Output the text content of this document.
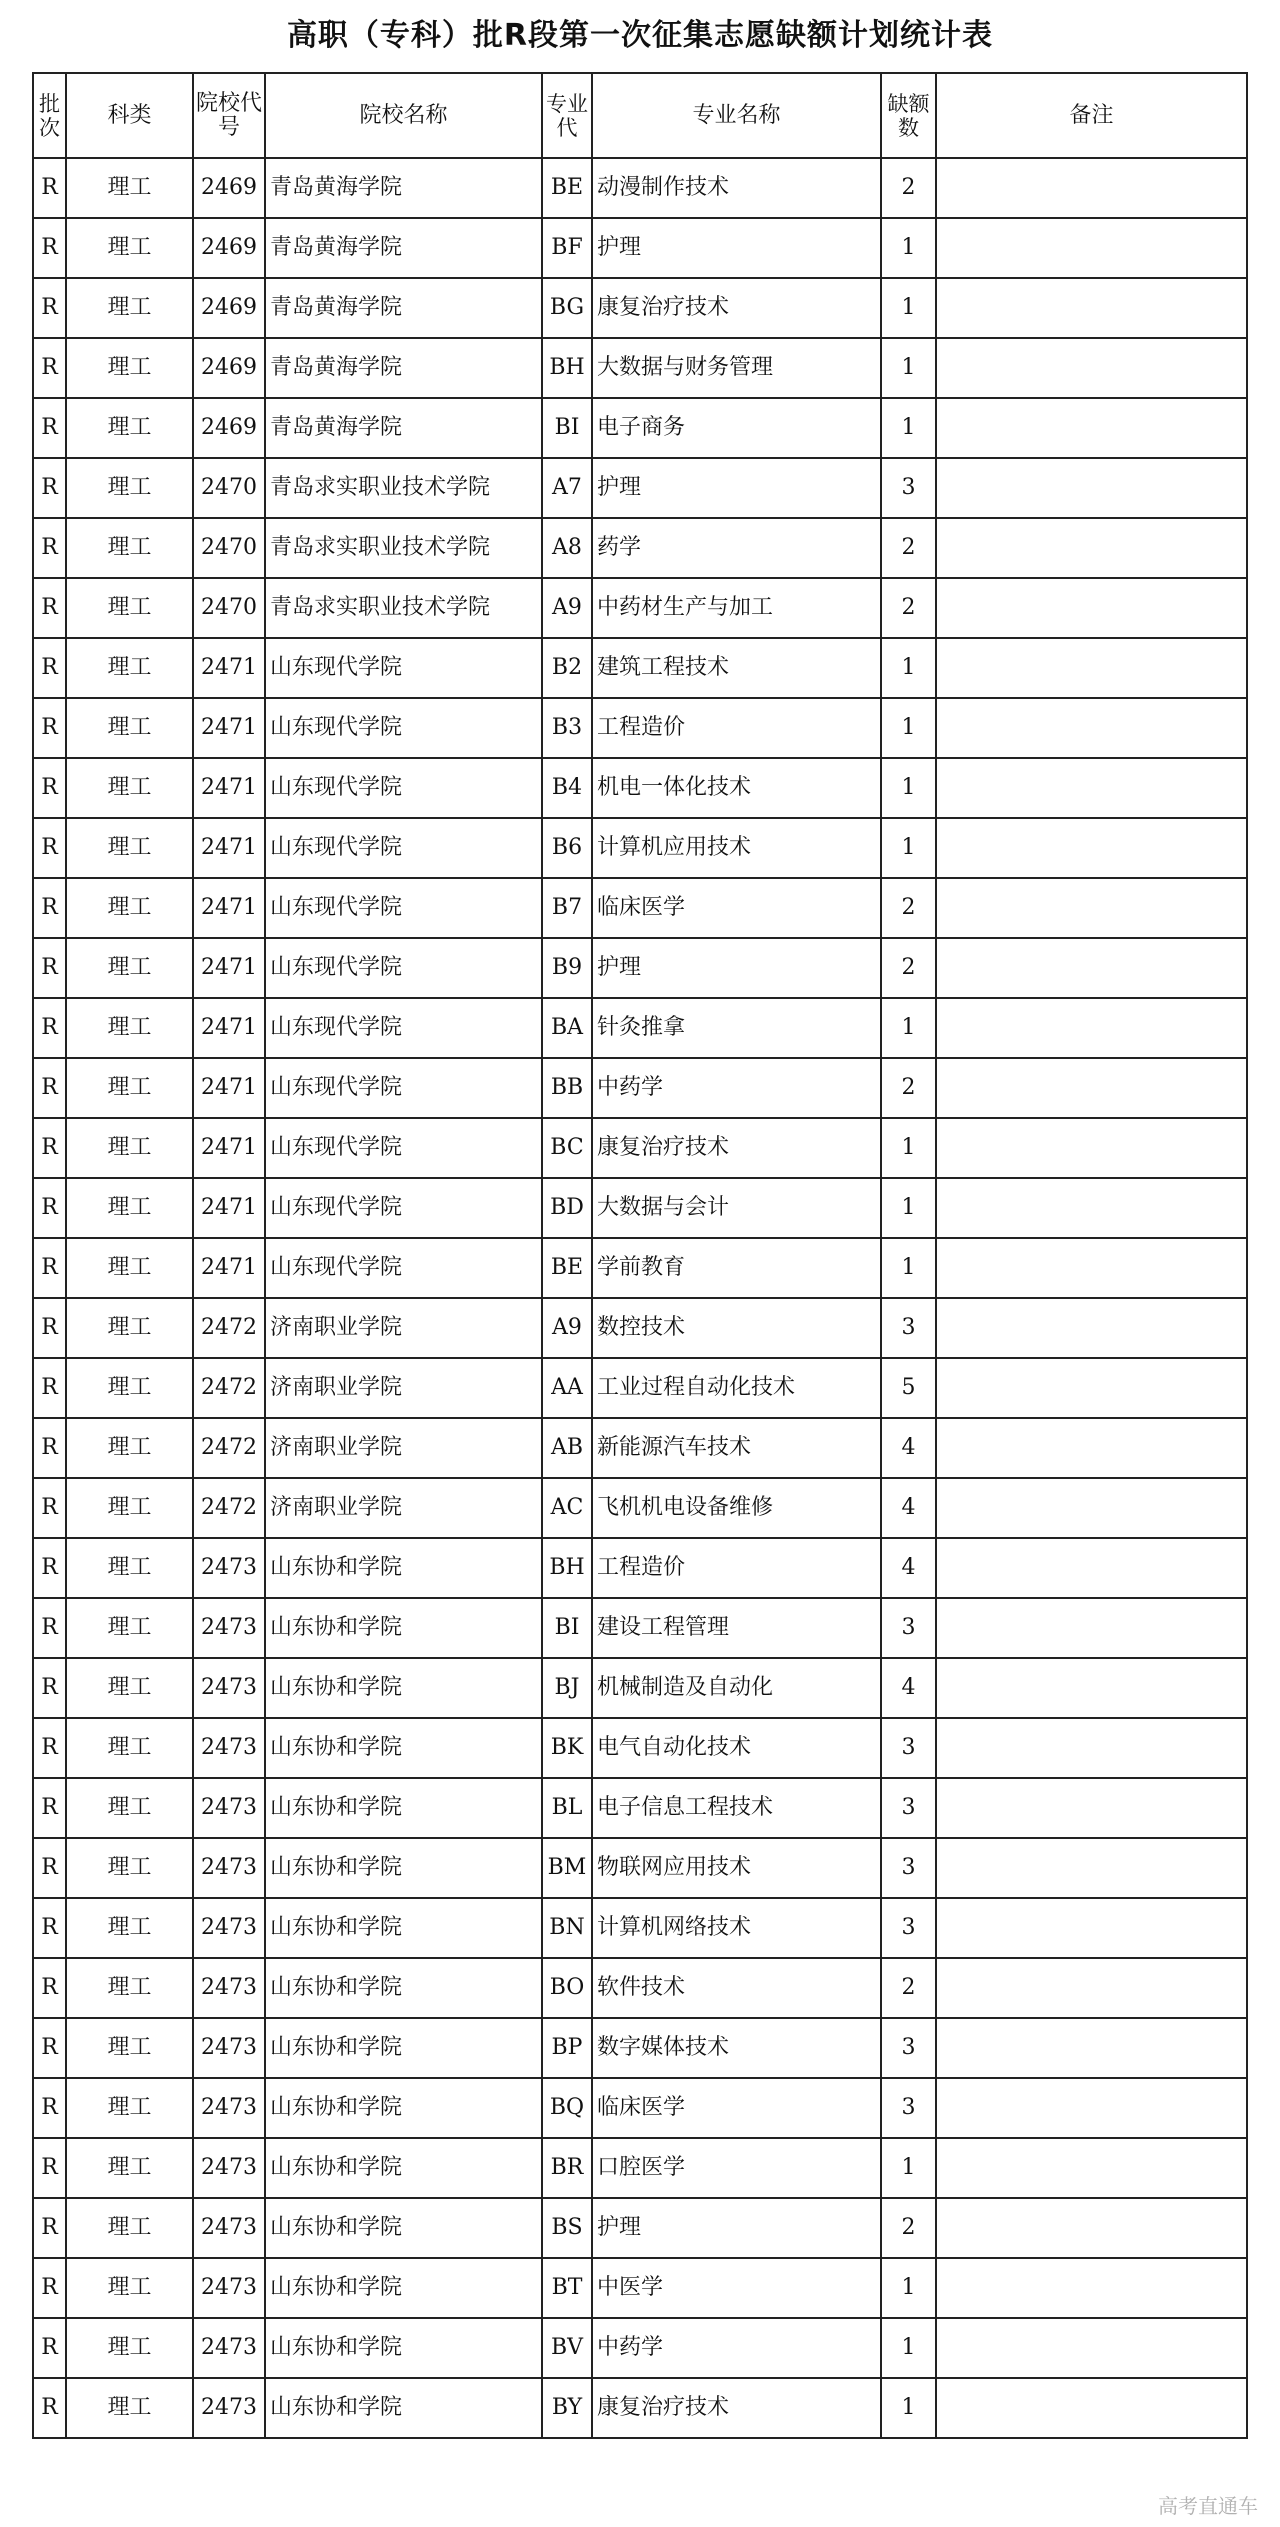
高职（专科）批R段第一次征集志愿缺额计划统计表
批次	科类	院校代号	院校名称	专业代	专业名称	缺额数	备注
R	理工	2469	青岛黄海学院	BE	动漫制作技术	2	
R	理工	2469	青岛黄海学院	BF	护理	1	
R	理工	2469	青岛黄海学院	BG	康复治疗技术	1	
R	理工	2469	青岛黄海学院	BH	大数据与财务管理	1	
R	理工	2469	青岛黄海学院	BI	电子商务	1	
R	理工	2470	青岛求实职业技术学院	A7	护理	3	
R	理工	2470	青岛求实职业技术学院	A8	药学	2	
R	理工	2470	青岛求实职业技术学院	A9	中药材生产与加工	2	
R	理工	2471	山东现代学院	B2	建筑工程技术	1	
R	理工	2471	山东现代学院	B3	工程造价	1	
R	理工	2471	山东现代学院	B4	机电一体化技术	1	
R	理工	2471	山东现代学院	B6	计算机应用技术	1	
R	理工	2471	山东现代学院	B7	临床医学	2	
R	理工	2471	山东现代学院	B9	护理	2	
R	理工	2471	山东现代学院	BA	针灸推拿	1	
R	理工	2471	山东现代学院	BB	中药学	2	
R	理工	2471	山东现代学院	BC	康复治疗技术	1	
R	理工	2471	山东现代学院	BD	大数据与会计	1	
R	理工	2471	山东现代学院	BE	学前教育	1	
R	理工	2472	济南职业学院	A9	数控技术	3	
R	理工	2472	济南职业学院	AA	工业过程自动化技术	5	
R	理工	2472	济南职业学院	AB	新能源汽车技术	4	
R	理工	2472	济南职业学院	AC	飞机机电设备维修	4	
R	理工	2473	山东协和学院	BH	工程造价	4	
R	理工	2473	山东协和学院	BI	建设工程管理	3	
R	理工	2473	山东协和学院	BJ	机械制造及自动化	4	
R	理工	2473	山东协和学院	BK	电气自动化技术	3	
R	理工	2473	山东协和学院	BL	电子信息工程技术	3	
R	理工	2473	山东协和学院	BM	物联网应用技术	3	
R	理工	2473	山东协和学院	BN	计算机网络技术	3	
R	理工	2473	山东协和学院	BO	软件技术	2	
R	理工	2473	山东协和学院	BP	数字媒体技术	3	
R	理工	2473	山东协和学院	BQ	临床医学	3	
R	理工	2473	山东协和学院	BR	口腔医学	1	
R	理工	2473	山东协和学院	BS	护理	2	
R	理工	2473	山东协和学院	BT	中医学	1	
R	理工	2473	山东协和学院	BV	中药学	1	
R	理工	2473	山东协和学院	BY	康复治疗技术	1	
高考直通车
